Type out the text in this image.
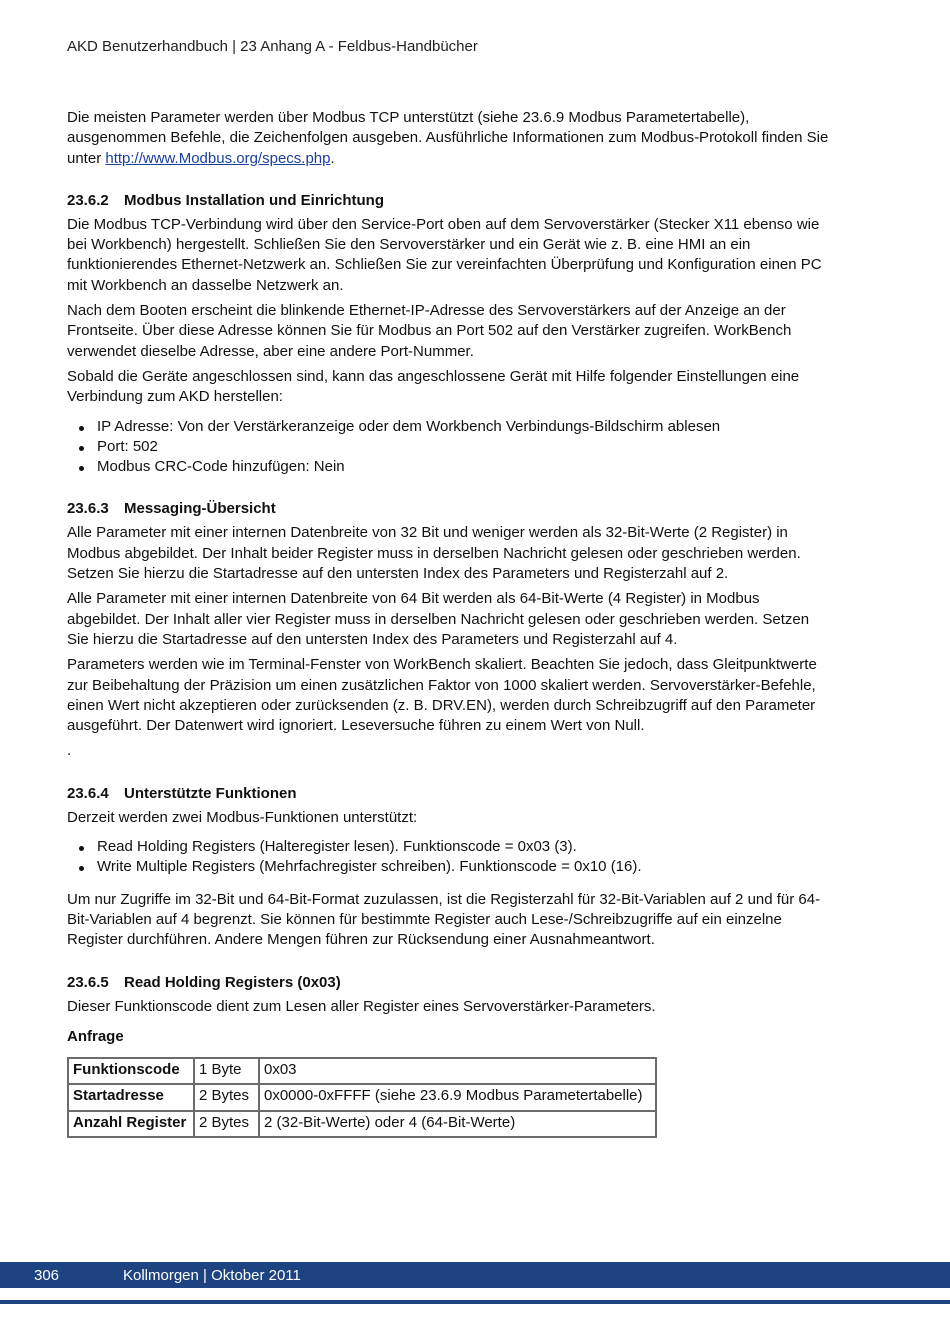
AKD Benutzerhandbuch | 23 Anhang A - Feldbus-Handbücher

Die meisten Parameter werden über Modbus TCP unterstützt (siehe 23.6.9 Modbus Parametertabelle), ausgenommen Befehle, die Zeichenfolgen ausgeben. Ausführliche Informationen zum Modbus-Protokoll finden Sie unter http://www.Modbus.org/specs.php.

23.6.2 Modbus Installation und Einrichtung

Die Modbus TCP-Verbindung wird über den Service-Port oben auf dem Servoverstärker (Stecker X11 ebenso wie bei Workbench) hergestellt. Schließen Sie den Servoverstärker und ein Gerät wie z. B. eine HMI an ein funktionierendes Ethernet-Netzwerk an. Schließen Sie zur vereinfachten Überprüfung und Konfiguration einen PC mit Workbench an dasselbe Netzwerk an.

Nach dem Booten erscheint die blinkende Ethernet-IP-Adresse des Servoverstärkers auf der Anzeige an der Frontseite. Über diese Adresse können Sie für Modbus an Port 502 auf den Verstärker zugreifen. WorkBench verwendet dieselbe Adresse, aber eine andere Port-Nummer.

Sobald die Geräte angeschlossen sind, kann das angeschlossene Gerät mit Hilfe folgender Einstellungen eine Verbindung zum AKD herstellen:

IP Adresse: Von der Verstärkeranzeige oder dem Workbench Verbindungs-Bildschirm ablesen
Port: 502
Modbus CRC-Code hinzufügen: Nein
23.6.3 Messaging-Übersicht

Alle Parameter mit einer internen Datenbreite von 32 Bit und weniger werden als 32-Bit-Werte (2 Register) in Modbus abgebildet. Der Inhalt beider Register muss in derselben Nachricht gelesen oder geschrieben werden. Setzen Sie hierzu die Startadresse auf den untersten Index des Parameters und Registerzahl auf 2.

Alle Parameter mit einer internen Datenbreite von 64 Bit werden als 64-Bit-Werte (4 Register) in Modbus abgebildet. Der Inhalt aller vier Register muss in derselben Nachricht gelesen oder geschrieben werden. Setzen Sie hierzu die Startadresse auf den untersten Index des Parameters und Registerzahl auf 4.

Parameters werden wie im Terminal-Fenster von WorkBench skaliert. Beachten Sie jedoch, dass Gleitpunktwerte zur Beibehaltung der Präzision um einen zusätzlichen Faktor von 1000 skaliert werden. Servoverstärker-Befehle, einen Wert nicht akzeptieren oder zurücksenden (z. B. DRV.EN), werden durch Schreibzugriff auf den Parameter ausgeführt. Der Datenwert wird ignoriert. Leseversuche führen zu einem Wert von Null.

.

23.6.4 Unterstützte Funktionen

Derzeit werden zwei Modbus-Funktionen unterstützt:

Read Holding Registers (Halteregister lesen). Funktionscode = 0x03 (3).
Write Multiple Registers (Mehrfachregister schreiben). Funktionscode = 0x10 (16).

Um nur Zugriffe im 32-Bit und 64-Bit-Format zuzulassen, ist die Registerzahl für 32-Bit-Variablen auf 2 und für 64-Bit-Variablen auf 4 begrenzt. Sie können für bestimmte Register auch Lese-/Schreibzugriffe auf ein einzelne Register durchführen. Andere Mengen führen zur Rücksendung einer Ausnahmeantwort.

23.6.5 Read Holding Registers (0x03)

Dieser Funktionscode dient zum Lesen aller Register eines Servoverstärker-Parameters.

Anfrage

Funktionscode	1 Byte	0x03
Startadresse	2 Bytes	0x0000-0xFFFF (siehe 23.6.9 Modbus Parametertabelle)
Anzahl Register	2 Bytes	2 (32-Bit-Werte) oder 4 (64-Bit-Werte)
306	Kollmorgen | Oktober 2011
